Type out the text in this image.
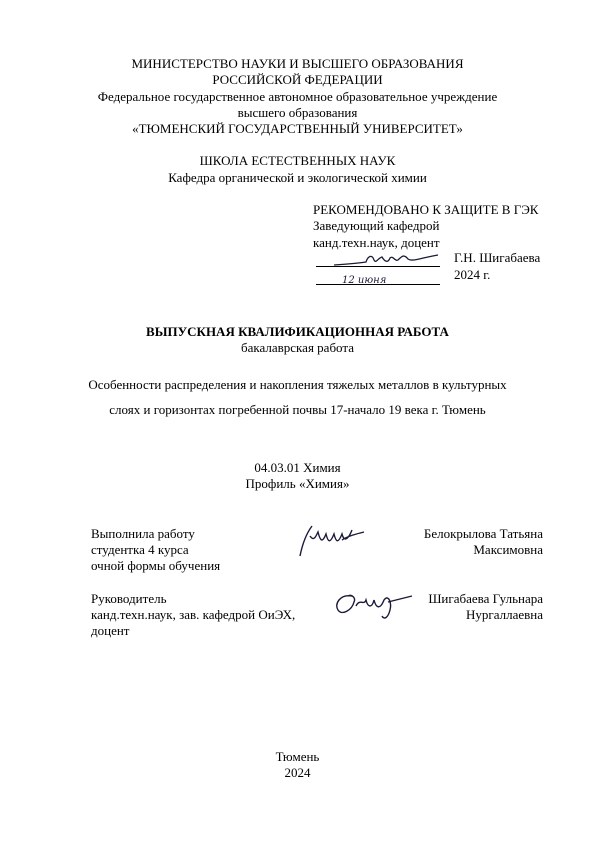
МИНИСТЕРСТВО НАУКИ И ВЫСШЕГО ОБРАЗОВАНИЯ
РОССИЙСКОЙ ФЕДЕРАЦИИ
Федеральное государственное автономное образовательное учреждение
высшего образования
«ТЮМЕНСКИЙ ГОСУДАРСТВЕННЫЙ УНИВЕРСИТЕТ»
ШКОЛА ЕСТЕСТВЕННЫХ НАУК
Кафедра органической и экологической химии
РЕКОМЕНДОВАНО К ЗАЩИТЕ В ГЭК
Заведующий кафедрой
канд.техн.наук, доцент
12 июня
Г.Н. Шигабаева
2024 г.
ВЫПУСКНАЯ КВАЛИФИКАЦИОННАЯ РАБОТА
бакалаврская работа
Особенности распределения и накопления тяжелых металлов в культурных
слоях и горизонтах погребенной почвы 17-начало 19 века г. Тюмень
04.03.01 Химия
Профиль «Химия»
Выполнила работу
студентка 4 курса
очной формы обучения
Белокрылова Татьяна
Максимовна
Руководитель
канд.техн.наук, зав. кафедрой ОиЭХ,
доцент
Шигабаева Гульнара
Нургаллаевна
Тюмень
2024
